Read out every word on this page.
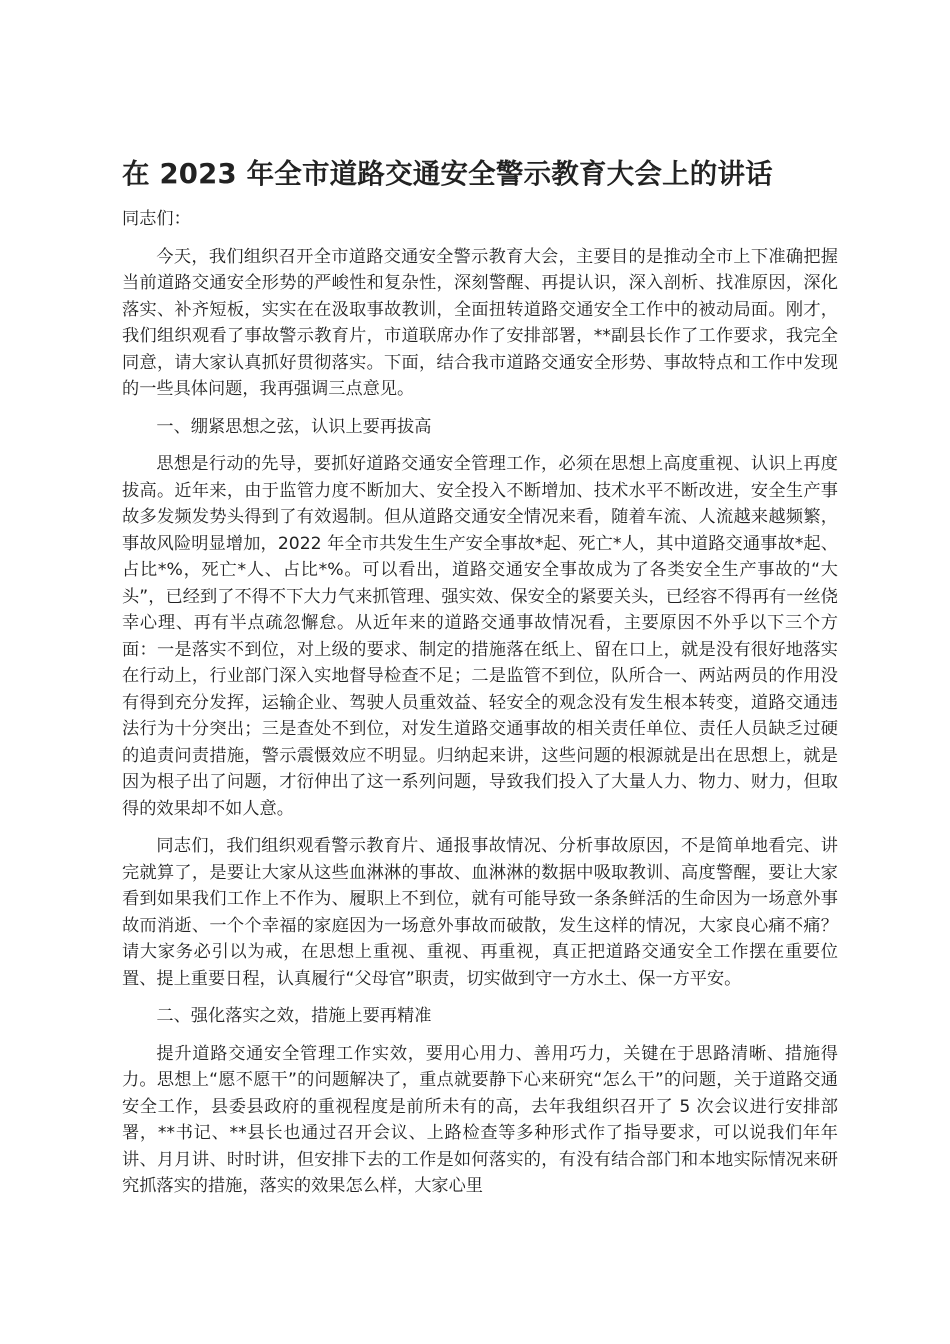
在 2023 年全市道路交通安全警示教育大会上的讲话

同志们：

今天，我们组织召开全市道路交通安全警示教育大会，主要目的是推动全市上下准确把握当前道路交通安全形势的严峻性和复杂性，深刻警醒、再提认识，深入剖析、找准原因，深化落实、补齐短板，实实在在汲取事故教训，全面扭转道路交通安全工作中的被动局面。刚才，我们组织观看了事故警示教育片，市道联席办作了安排部署，**副县长作了工作要求，我完全同意，请大家认真抓好贯彻落实。下面，结合我市道路交通安全形势、事故特点和工作中发现的一些具体问题，我再强调三点意见。

一、绷紧思想之弦，认识上要再拔高

思想是行动的先导，要抓好道路交通安全管理工作，必须在思想上高度重视、认识上再度拔高。近年来，由于监管力度不断加大、安全投入不断增加、技术水平不断改进，安全生产事故多发频发势头得到了有效遏制。但从道路交通安全情况来看，随着车流、人流越来越频繁，事故风险明显增加，2022 年全市共发生生产安全事故*起、死亡*人，其中道路交通事故*起、占比*%，死亡*人、占比*%。可以看出，道路交通安全事故成为了各类安全生产事故的“大头”，已经到了不得不下大力气来抓管理、强实效、保安全的紧要关头，已经容不得再有一丝侥幸心理、再有半点疏忽懈怠。从近年来的道路交通事故情况看，主要原因不外乎以下三个方面：一是落实不到位，对上级的要求、制定的措施落在纸上、留在口上，就是没有很好地落实在行动上，行业部门深入实地督导检查不足；二是监管不到位，队所合一、两站两员的作用没有得到充分发挥，运输企业、驾驶人员重效益、轻安全的观念没有发生根本转变，道路交通违法行为十分突出；三是查处不到位，对发生道路交通事故的相关责任单位、责任人员缺乏过硬的追责问责措施，警示震慑效应不明显。归纳起来讲，这些问题的根源就是出在思想上，就是因为根子出了问题，才衍伸出了这一系列问题，导致我们投入了大量人力、物力、财力，但取得的效果却不如人意。

同志们，我们组织观看警示教育片、通报事故情况、分析事故原因，不是简单地看完、讲完就算了，是要让大家从这些血淋淋的事故、血淋淋的数据中吸取教训、高度警醒，要让大家看到如果我们工作上不作为、履职上不到位，就有可能导致一条条鲜活的生命因为一场意外事故而消逝、一个个幸福的家庭因为一场意外事故而破散，发生这样的情况，大家良心痛不痛？请大家务必引以为戒，在思想上重视、重视、再重视，真正把道路交通安全工作摆在重要位置、提上重要日程，认真履行“父母官”职责，切实做到守一方水土、保一方平安。

二、强化落实之效，措施上要再精准

提升道路交通安全管理工作实效，要用心用力、善用巧力，关键在于思路清晰、措施得力。思想上“愿不愿干”的问题解决了，重点就要静下心来研究“怎么干”的问题，关于道路交通安全工作，县委县政府的重视程度是前所未有的高，去年我组织召开了 5 次会议进行安排部署，**书记、**县长也通过召开会议、上路检查等多种形式作了指导要求，可以说我们年年讲、月月讲、时时讲，但安排下去的工作是如何落实的，有没有结合部门和本地实际情况来研究抓落实的措施，落实的效果怎么样，大家心里
